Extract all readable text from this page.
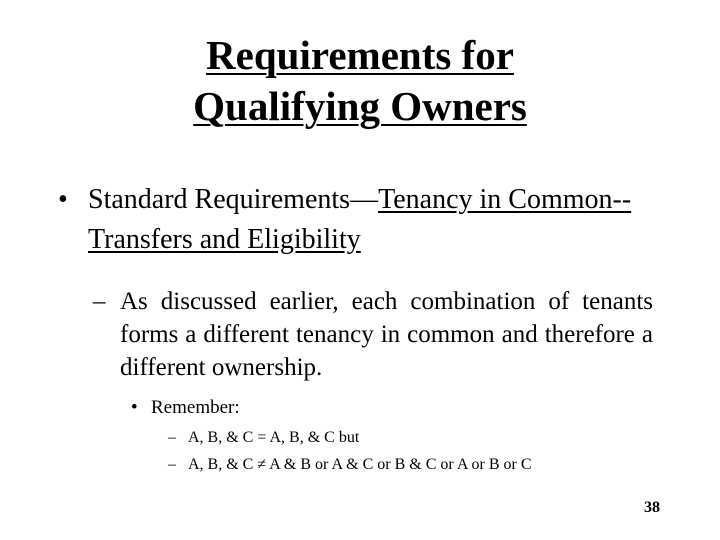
Requirements for
Qualifying Owners
• Standard Requirements—Tenancy in Common--Transfers and Eligibility
– As discussed earlier, each combination of tenants forms a different tenancy in common and therefore a different ownership.
• Remember:
– A, B, & C = A, B, & C but
– A, B, & C ≠ A & B or A & C or B & C or A or B or C
38
